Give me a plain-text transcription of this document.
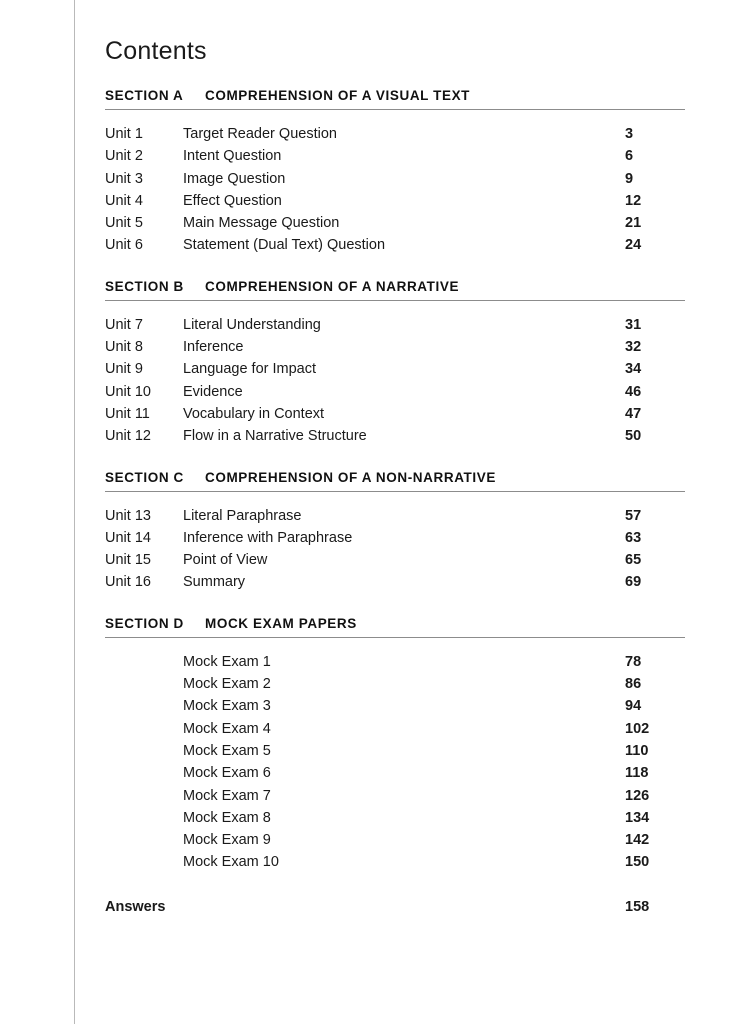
Contents
SECTION A	COMPREHENSION OF A VISUAL TEXT
Unit 1	Target Reader Question	3
Unit 2	Intent Question	6
Unit 3	Image Question	9
Unit 4	Effect Question	12
Unit 5	Main Message Question	21
Unit 6	Statement (Dual Text) Question	24
SECTION B	COMPREHENSION OF A NARRATIVE
Unit 7	Literal Understanding	31
Unit 8	Inference	32
Unit 9	Language for Impact	34
Unit 10	Evidence	46
Unit 11	Vocabulary in Context	47
Unit 12	Flow in a Narrative Structure	50
SECTION C	COMPREHENSION OF A NON-NARRATIVE
Unit 13	Literal Paraphrase	57
Unit 14	Inference with Paraphrase	63
Unit 15	Point of View	65
Unit 16	Summary	69
SECTION D	MOCK EXAM PAPERS
Mock Exam 1	78
Mock Exam 2	86
Mock Exam 3	94
Mock Exam 4	102
Mock Exam 5	110
Mock Exam 6	118
Mock Exam 7	126
Mock Exam 8	134
Mock Exam 9	142
Mock Exam 10	150
Answers	158
